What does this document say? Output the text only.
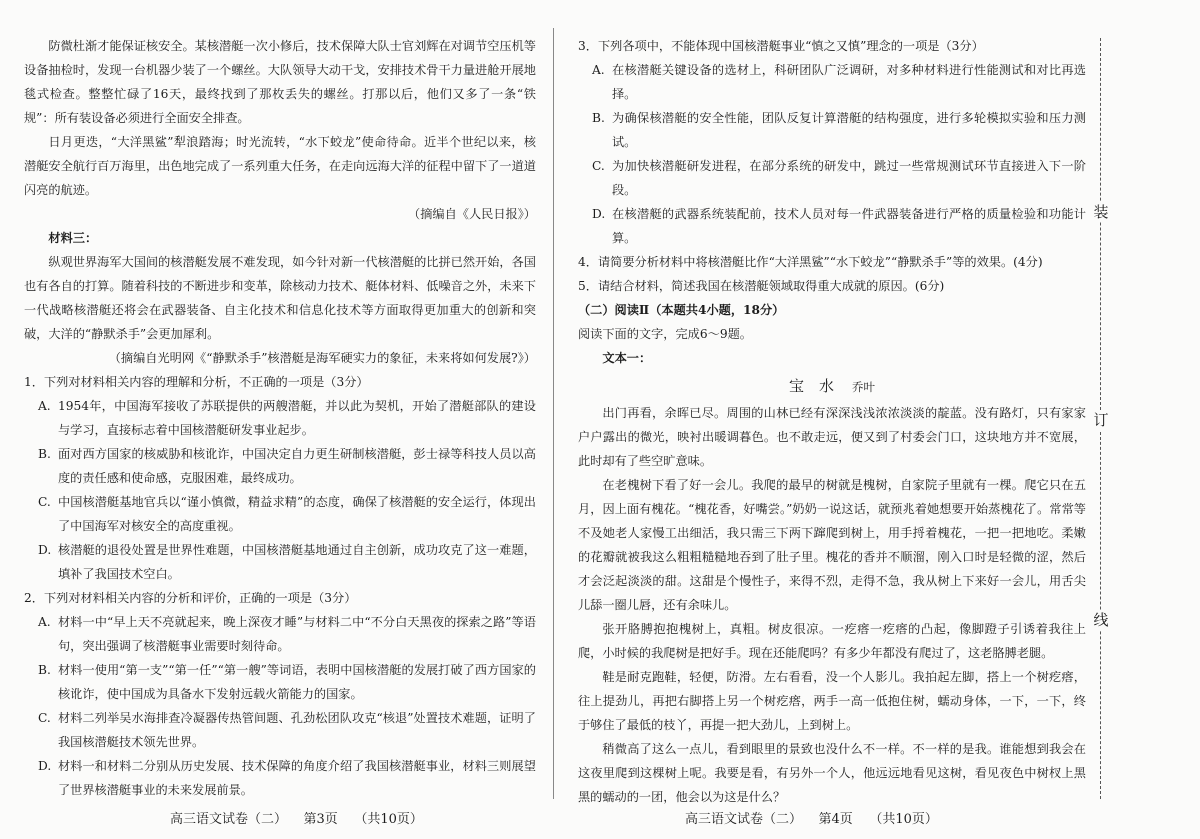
防微杜渐才能保证核安全。某核潜艇一次小修后，技术保障大队士官刘辉在对调节空压机等设备抽检时，发现一台机器少装了一个螺丝。大队领导大动干戈，安排技术骨干力量进舱开展地毯式检查。整整忙碌了16天，最终找到了那枚丢失的螺丝。打那以后，他们又多了一条“铁规”：所有装设备必须进行全面安全排查。

日月更迭，“大洋黑鲨”犁浪踏海；时光流转，“水下蛟龙”使命待命。近半个世纪以来，核潜艇安全航行百万海里，出色地完成了一系列重大任务，在走向远海大洋的征程中留下了一道道闪亮的航迹。

（摘编自《人民日报》）

材料三：

纵观世界海军大国间的核潜艇发展不难发现，如今针对新一代核潜艇的比拼已然开始，各国也有各自的打算。随着科技的不断进步和变革，除核动力技术、艇体材料、低噪音之外，未来下一代战略核潜艇还将会在武器装备、自主化技术和信息化技术等方面取得更加重大的创新和突破，大洋的“静默杀手”会更加犀利。

（摘编自光明网《“静默杀手”核潜艇是海军硬实力的象征，未来将如何发展?》）

1．下列对材料相关内容的理解和分析，不正确的一项是（3分）

A. 1954年，中国海军接收了苏联提供的两艘潜艇，并以此为契机，开始了潜艇部队的建设与学习，直接标志着中国核潜艇研发事业起步。
B. 面对西方国家的核威胁和核讹诈，中国决定自力更生研制核潜艇，彭士禄等科技人员以高度的责任感和使命感，克服困难，最终成功。
C. 中国核潜艇基地官兵以“谨小慎微，精益求精”的态度，确保了核潜艇的安全运行，体现出了中国海军对核安全的高度重视。
D. 核潜艇的退役处置是世界性难题，中国核潜艇基地通过自主创新，成功攻克了这一难题，填补了我国技术空白。

2．下列对材料相关内容的分析和评价，正确的一项是（3分）

A. 材料一中“早上天不亮就起来，晚上深夜才睡”与材料二中“不分白天黑夜的探索之路”等语句，突出强调了核潜艇事业需要时刻待命。
B. 材料一使用“第一支”“第一任”“第一艘”等词语，表明中国核潜艇的发展打破了西方国家的核讹诈，使中国成为具备水下发射远载火箭能力的国家。
C. 材料二列举吴水海排查冷凝器传热管间题、孔劲松团队攻克“核退”处置技术难题，证明了我国核潜艇技术领先世界。
D. 材料一和材料二分别从历史发展、技术保障的角度介绍了我国核潜艇事业，材料三则展望了世界核潜艇事业的未来发展前景。
高三语文试卷（二）    第3页    （共10页）

3．下列各项中，不能体现中国核潜艇事业“慎之又慎”理念的一项是（3分）

A. 在核潜艇关键设备的选材上，科研团队广泛调研，对多种材料进行性能测试和对比再选择。
B. 为确保核潜艇的安全性能，团队反复计算潜艇的结构强度，进行多轮模拟实验和压力测试。
C. 为加快核潜艇研发进程，在部分系统的研发中，跳过一些常规测试环节直接进入下一阶段。
D. 在核潜艇的武器系统装配前，技术人员对每一件武器装备进行严格的质量检验和功能计算。

4．请简要分析材料中将核潜艇比作“大洋黑鲨”“水下蛟龙”“静默杀手”等的效果。(4分)

5．请结合材料，简述我国在核潜艇领域取得重大成就的原因。(6分)

（二）阅读Ⅱ（本题共4小题，18分）

阅读下面的文字，完成6～9题。

文本一：

宝　水 乔叶

出门再看，余晖已尽。周围的山林已经有深深浅浅浓浓淡淡的靛蓝。没有路灯，只有家家户户露出的微光，映衬出暖调暮色。也不敢走远，便又到了村委会门口，这块地方并不宽展，此时却有了些空旷意味。

在老槐树下看了好一会儿。我爬的最早的树就是槐树，自家院子里就有一棵。爬它只在五月，因上面有槐花。“槐花香，好嘴尝。”奶奶一说这话，就预兆着她想要开始蒸槐花了。常常等不及她老人家慢工出细活，我只需三下两下蹿爬到树上，用手捋着槐花，一把一把地吃。柔嫩的花瓣就被我这么粗粗糙糙地吞到了肚子里。槐花的香并不顺溜，刚入口时是轻微的涩，然后才会泛起淡淡的甜。这甜是个慢性子，来得不烈，走得不急，我从树上下来好一会儿，用舌尖儿舔一圈儿唇，还有余味儿。

张开胳膊抱抱槐树上，真粗。树皮很凉。一疙瘩一疙瘩的凸起，像脚蹬子引诱着我往上爬，小时候的我爬树是把好手。现在还能爬吗？有多少年都没有爬过了，这老胳膊老腿。

鞋是耐克跑鞋，轻便，防滑。左右看看，没一个人影儿。我拍起左脚，搭上一个树疙瘩，往上提劲儿，再把右脚搭上另一个树疙瘩，两手一高一低抱住树，蠕动身体，一下，一下，终于够住了最低的枝丫，再提一把大劲儿，上到树上。

稍微高了这么一点儿，看到眼里的景致也没什么不一样。不一样的是我。谁能想到我会在这夜里爬到这棵树上呢。我要是看，有另外一个人，他远远地看见这树，看见夜色中树杈上黑黑的蠕动的一团，他会以为这是什么？

高三语文试卷（二）    第4页    （共10页）
装
订
线
